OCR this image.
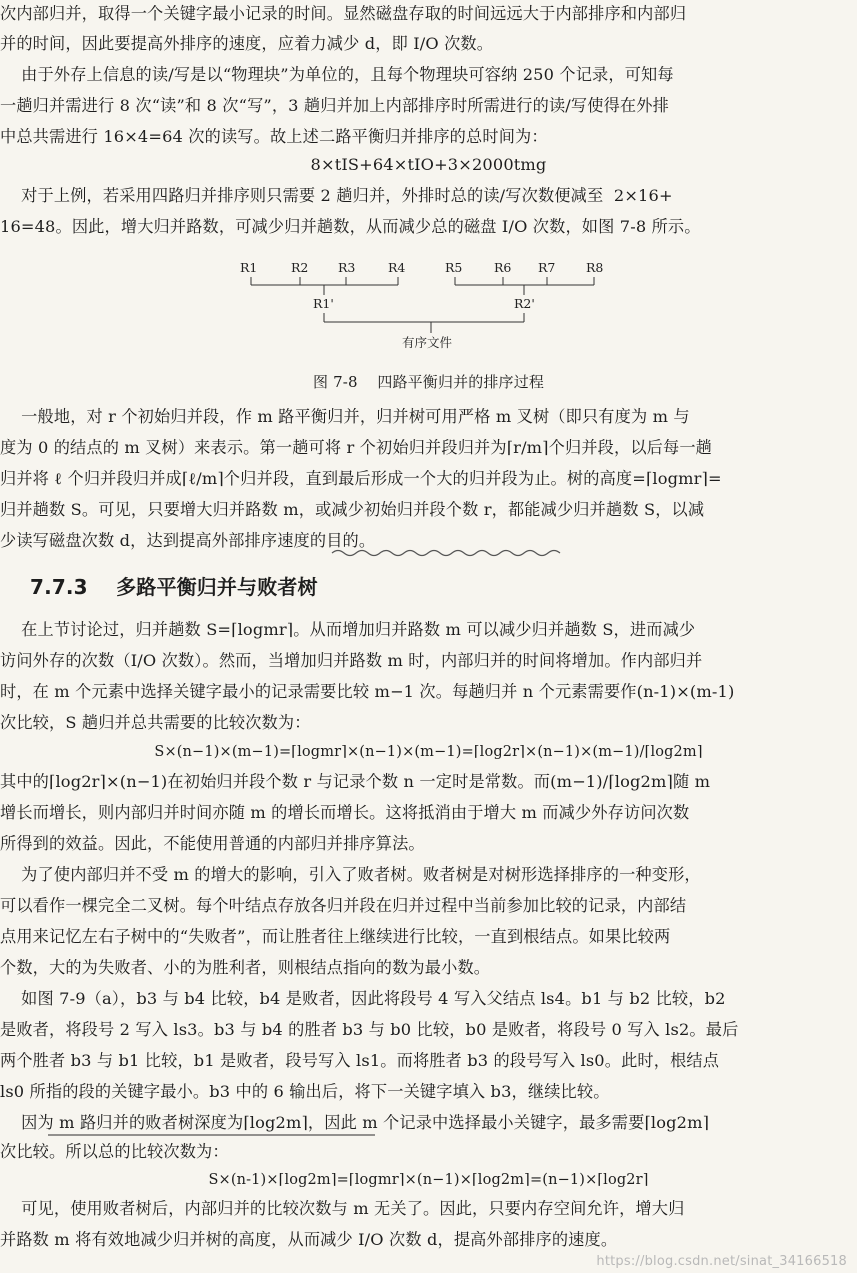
次内部归并，取得一个关键字最小记录的时间。显然磁盘存取的时间远远大于内部排序和内部归
并的时间，因此要提高外排序的速度，应着力减少 d，即 I/O 次数。
由于外存上信息的读/写是以“物理块”为单位的，且每个物理块可容纳 250 个记录，可知每
一趟归并需进行 8 次“读”和 8 次“写”，3 趟归并加上内部排序时所需进行的读/写使得在外排
中总共需进行 16×4=64 次的读写。故上述二路平衡归并排序的总时间为：
8×tIS+64×tIO+3×2000tmg
对于上例，若采用四路归并排序则只需要 2 趟归并，外排时总的读/写次数便减至  2×16+
16=48。因此，增大归并路数，可减少归并趟数，从而减少总的磁盘 I/O 次数，如图 7-8 所示。
R1	R2 R3	R4	R5	R6 R7 R8
R1'	R2'
有序文件
图 7-8    四路平衡归并的排序过程
一般地，对 r 个初始归并段，作 m 路平衡归并，归并树可用严格 m 叉树（即只有度为 m 与
度为 0 的结点的 m 叉树）来表示。第一趟可将 r 个初始归并段归并为⌈r/m⌉个归并段，以后每一趟
归并将 ℓ 个归并段归并成⌈ℓ/m⌉个归并段，直到最后形成一个大的归并段为止。树的高度=⌈logmr⌉=
归并趟数 S。可见，只要增大归并路数 m，或减少初始归并段个数 r，都能减少归并趟数 S，以减
少读写磁盘次数 d，达到提高外部排序速度的目的。
7.7.3    多路平衡归并与败者树
在上节讨论过，归并趟数 S=⌈logmr⌉。从而增加归并路数 m 可以减少归并趟数 S，进而减少
访问外存的次数（I/O 次数）。然而，当增加归并路数 m 时，内部归并的时间将增加。作内部归并
时，在 m 个元素中选择关键字最小的记录需要比较 m−1 次。每趟归并 n 个元素需要作(n-1)×(m-1)
次比较，S 趟归并总共需要的比较次数为：
S×(n−1)×(m−1)=⌈logmr⌉×(n−1)×(m−1)=⌈log2r⌉×(n−1)×(m−1)/⌈log2m⌉
其中的⌈log2r⌉×(n−1)在初始归并段个数 r 与记录个数 n 一定时是常数。而(m−1)/⌈log2m⌉随 m
增长而增长，则内部归并时间亦随 m 的增长而增长。这将抵消由于增大 m 而减少外存访问次数
所得到的效益。因此，不能使用普通的内部归并排序算法。
为了使内部归并不受 m 的增大的影响，引入了败者树。败者树是对树形选择排序的一种变形，
可以看作一棵完全二叉树。每个叶结点存放各归并段在归并过程中当前参加比较的记录，内部结
点用来记忆左右子树中的“失败者”，而让胜者往上继续进行比较，一直到根结点。如果比较两
个数，大的为失败者、小的为胜利者，则根结点指向的数为最小数。
如图 7-9（a），b3 与 b4 比较，b4 是败者，因此将段号 4 写入父结点 ls4。b1 与 b2 比较，b2
是败者，将段号 2 写入 ls3。b3 与 b4 的胜者 b3 与 b0 比较，b0 是败者，将段号 0 写入 ls2。最后
两个胜者 b3 与 b1 比较，b1 是败者，段号写入 ls1。而将胜者 b3 的段号写入 ls0。此时，根结点
ls0 所指的段的关键字最小。b3 中的 6 输出后，将下一关键字填入 b3，继续比较。
因为 m 路归并的败者树深度为⌈log2m⌉，因此 m 个记录中选择最小关键字，最多需要⌈log2m⌉
次比较。所以总的比较次数为：
S×(n-1)×⌈log2m⌉=⌈logmr⌉×(n−1)×⌈log2m⌉=(n−1)×⌈log2r⌉
可见，使用败者树后，内部归并的比较次数与 m 无关了。因此，只要内存空间允许，增大归
并路数 m 将有效地减少归并树的高度，从而减少 I/O 次数 d，提高外部排序的速度。
https://blog.csdn.net/sinat_34166518
